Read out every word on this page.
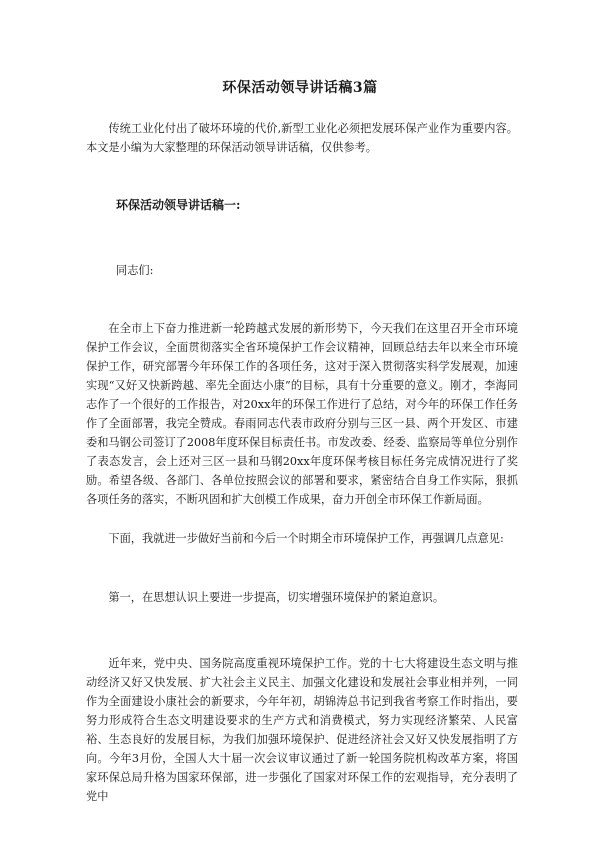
环保活动领导讲话稿3篇

传统工业化付出了破坏环境的代价,新型工业化必须把发展环保产业作为重要内容。本文是小编为大家整理的环保活动领导讲话稿，仅供参考。

环保活动领导讲话稿一:

同志们:

在全市上下奋力推进新一轮跨越式发展的新形势下，今天我们在这里召开全市环境保护工作会议，全面贯彻落实全省环境保护工作会议精神，回顾总结去年以来全市环境保护工作，研究部署今年环保工作的各项任务，这对于深入贯彻落实科学发展观，加速实现“又好又快新跨越、率先全面达小康”的目标，具有十分重要的意义。刚才，李海同志作了一个很好的工作报告，对20xx年的环保工作进行了总结，对今年的环保工作任务作了全面部署，我完全赞成。春雨同志代表市政府分别与三区一县、两个开发区、市建委和马钢公司签订了2008年度环保目标责任书。市发改委、经委、监察局等单位分别作了表态发言，会上还对三区一县和马钢20xx年度环保考核目标任务完成情况进行了奖励。希望各级、各部门、各单位按照会议的部署和要求，紧密结合自身工作实际，狠抓各项任务的落实，不断巩固和扩大创模工作成果，奋力开创全市环保工作新局面。

下面，我就进一步做好当前和今后一个时期全市环境保护工作，再强调几点意见:

第一，在思想认识上要进一步提高，切实增强环境保护的紧迫意识。

近年来，党中央、国务院高度重视环境保护工作。党的十七大将建设生态文明与推动经济又好又快发展、扩大社会主义民主、加强文化建设和发展社会事业相并列，一同作为全面建设小康社会的新要求，今年年初，胡锦涛总书记到我省考察工作时指出，要努力形成符合生态文明建设要求的生产方式和消费模式，努力实现经济繁荣、人民富裕、生态良好的发展目标，为我们加强环境保护、促进经济社会又好又快发展指明了方向。今年3月份，全国人大十届一次会议审议通过了新一轮国务院机构改革方案，将国家环保总局升格为国家环保部，进一步强化了国家对环保工作的宏观指导，充分表明了党中
